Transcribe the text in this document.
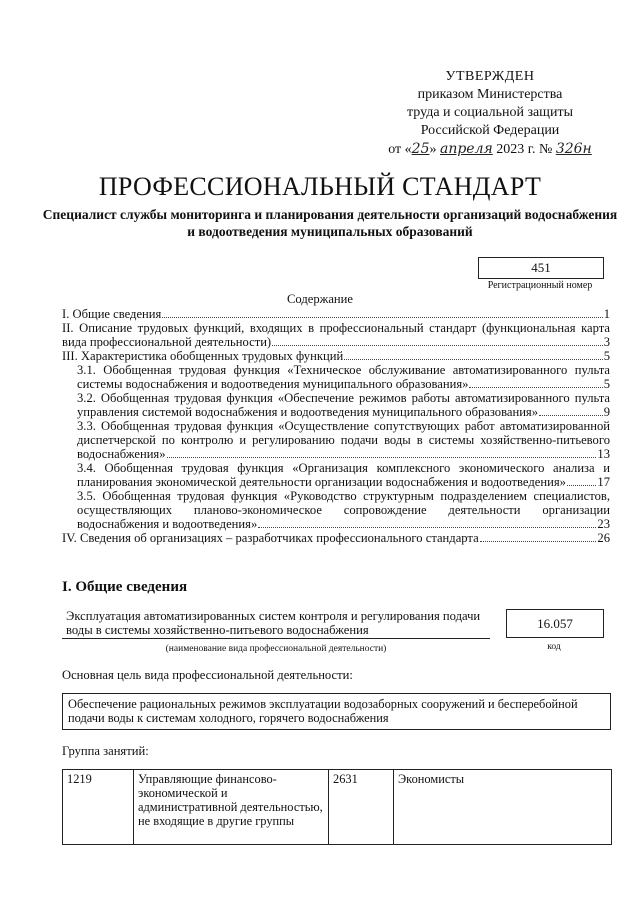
УТВЕРЖДЕН
приказом Министерства
труда и социальной защиты
Российской Федерации
от «25» апреля 2023 г. № 326н
ПРОФЕССИОНАЛЬНЫЙ СТАНДАРТ
Специалист службы мониторинга и планирования деятельности организаций водоснабжения и водоотведения муниципальных образований
451
Регистрационный номер
Содержание
I. Общие сведения	1
II. Описание трудовых функций, входящих в профессиональный стандарт (функциональная карта
вида профессиональной деятельности)	3
III. Характеристика обобщенных трудовых функций	5
3.1. Обобщенная трудовая функция «Техническое обслуживание автоматизированного пульта
системы водоснабжения и водоотведения муниципального образования»	5
3.2. Обобщенная трудовая функция «Обеспечение режимов работы автоматизированного пульта
управления системой водоснабжения и водоотведения муниципального образования»	9
3.3. Обобщенная трудовая функция «Осуществление сопутствующих работ автоматизированной
диспетчерской по контролю и регулированию подачи воды в системы хозяйственно-питьевого
водоснабжения»	13
3.4. Обобщенная трудовая функция «Организация комплексного экономического анализа и
планирования экономической деятельности организации водоснабжения и водоотведения» 17
3.5. Обобщенная трудовая функция «Руководство структурным подразделением специалистов,
осуществляющих планово-экономическое сопровождение деятельности организации
водоснабжения и водоотведения»	23
IV. Сведения об организациях – разработчиках профессионального стандарта	26
I. Общие сведения
Эксплуатация автоматизированных систем контроля и регулирования подачи воды в системы хозяйственно-питьевого водоснабжения
(наименование вида профессиональной деятельности)
16.057
код
Основная цель вида профессиональной деятельности:
Обеспечение рациональных режимов эксплуатации водозаборных сооружений и бесперебойной подачи воды к системам холодного, горячего водоснабжения
Группа занятий:
1219	Управляющие финансово-экономической и административной деятельностью, не входящие в другие группы	2631	Экономисты
